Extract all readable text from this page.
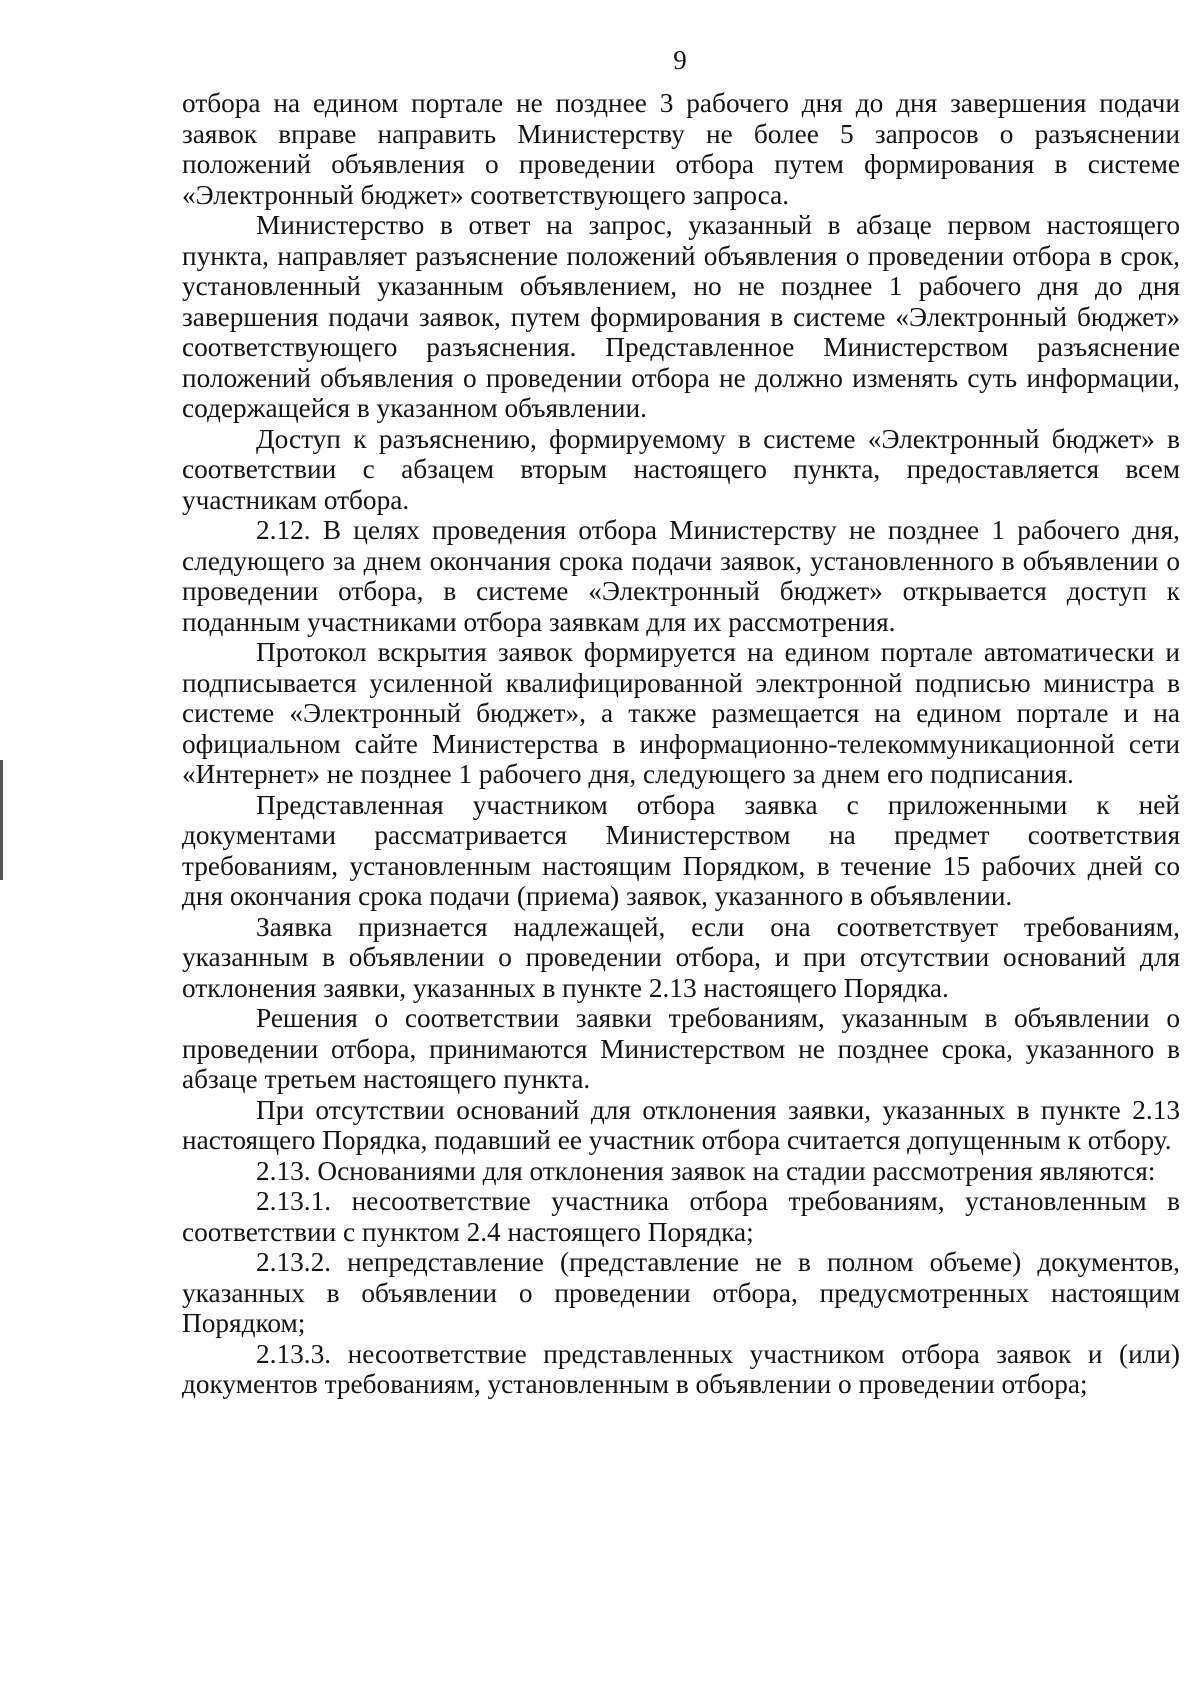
9

отбора на едином портале не позднее 3 рабочего дня до дня завершения подачи заявок вправе направить Министерству не более 5 запросов о разъяснении положений объявления о проведении отбора путем формирования в системе «Электронный бюджет» соответствующего запроса.

Министерство в ответ на запрос, указанный в абзаце первом настоящего пункта, направляет разъяснение положений объявления о проведении отбора в срок, установленный указанным объявлением, но не позднее 1 рабочего дня до дня завершения подачи заявок, путем формирования в системе «Электронный бюджет» соответствующего разъяснения. Представленное Министерством разъяснение положений объявления о проведении отбора не должно изменять суть информации, содержащейся в указанном объявлении.

Доступ к разъяснению, формируемому в системе «Электронный бюджет» в соответствии с абзацем вторым настоящего пункта, предоставляется всем участникам отбора.

2.12. В целях проведения отбора Министерству не позднее 1 рабочего дня, следующего за днем окончания срока подачи заявок, установленного в объявлении о проведении отбора, в системе «Электронный бюджет» открывается доступ к поданным участниками отбора заявкам для их рассмотрения.

Протокол вскрытия заявок формируется на едином портале автоматически и подписывается усиленной квалифицированной электронной подписью министра в системе «Электронный бюджет», а также размещается на едином портале и на официальном сайте Министерства в информационно-телекоммуникационной сети «Интернет» не позднее 1 рабочего дня, следующего за днем его подписания.

Представленная участником отбора заявка с приложенными к ней документами рассматривается Министерством на предмет соответствия требованиям, установленным настоящим Порядком, в течение 15 рабочих дней со дня окончания срока подачи (приема) заявок, указанного в объявлении.

Заявка признается надлежащей, если она соответствует требованиям, указанным в объявлении о проведении отбора, и при отсутствии оснований для отклонения заявки, указанных в пункте 2.13 настоящего Порядка.

Решения о соответствии заявки требованиям, указанным в объявлении о проведении отбора, принимаются Министерством не позднее срока, указанного в абзаце третьем настоящего пункта.

При отсутствии оснований для отклонения заявки, указанных в пункте 2.13 настоящего Порядка, подавший ее участник отбора считается допущенным к отбору.

2.13. Основаниями для отклонения заявок на стадии рассмотрения являются:

2.13.1. несоответствие участника отбора требованиям, установленным в соответствии с пунктом 2.4 настоящего Порядка;

2.13.2. непредставление (представление не в полном объеме) документов, указанных в объявлении о проведении отбора, предусмотренных настоящим Порядком;

2.13.3. несоответствие представленных участником отбора заявок и (или) документов требованиям, установленным в объявлении о проведении отбора;
